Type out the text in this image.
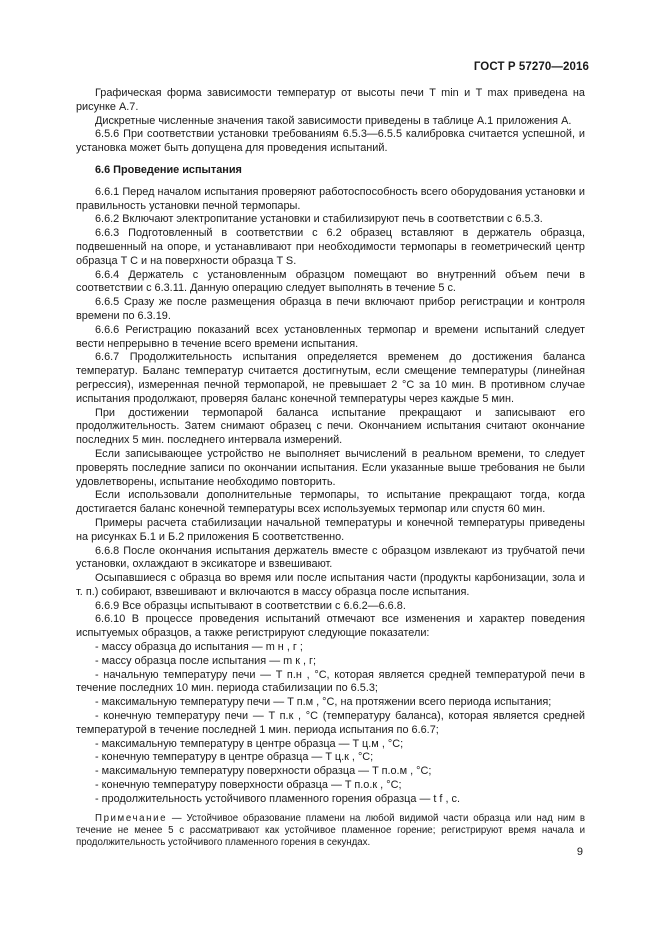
ГОСТ Р 57270—2016

Графическая форма зависимости температур от высоты печи T min и T max приведена на рисунке А.7.

Дискретные численные значения такой зависимости приведены в таблице А.1 приложения А.

6.5.6 При соответствии установки требованиям 6.5.3—6.5.5 калибровка считается успешной, и установка может быть допущена для проведения испытаний.

6.6 Проведение испытания

6.6.1 Перед началом испытания проверяют работоспособность всего оборудования установки и правильность установки печной термопары.

6.6.2 Включают электропитание установки и стабилизируют печь в соответствии с 6.5.3.

6.6.3 Подготовленный в соответствии с 6.2 образец вставляют в держатель образца, подвешенный на опоре, и устанавливают при необходимости термопары в геометрический центр образца T C и на поверхности образца T S.

6.6.4 Держатель с установленным образцом помещают во внутренний объем печи в соответствии с 6.3.11. Данную операцию следует выполнять в течение 5 с.

6.6.5 Сразу же после размещения образца в печи включают прибор регистрации и контроля времени по 6.3.19.

6.6.6 Регистрацию показаний всех установленных термопар и времени испытаний следует вести непрерывно в течение всего времени испытания.

6.6.7 Продолжительность испытания определяется временем до достижения баланса температур. Баланс температур считается достигнутым, если смещение температуры (линейная регрессия), измеренная печной термопарой, не превышает 2 °С за 10 мин. В противном случае испытания продолжают, проверяя баланс конечной температуры через каждые 5 мин.

При достижении термопарой баланса испытание прекращают и записывают его продолжительность. Затем снимают образец с печи. Окончанием испытания считают окончание последних 5 мин. последнего интервала измерений.

Если записывающее устройство не выполняет вычислений в реальном времени, то следует проверять последние записи по окончании испытания. Если указанные выше требования не были удовлетворены, испытание необходимо повторить.

Если использовали дополнительные термопары, то испытание прекращают тогда, когда достигается баланс конечной температуры всех используемых термопар или спустя 60 мин.

Примеры расчета стабилизации начальной температуры и конечной температуры приведены на рисунках Б.1 и Б.2 приложения Б соответственно.

6.6.8 После окончания испытания держатель вместе с образцом извлекают из трубчатой печи установки, охлаждают в эксикаторе и взвешивают.

Осыпавшиеся с образца во время или после испытания части (продукты карбонизации, зола и т. п.) собирают, взвешивают и включаются в массу образца после испытания.

6.6.9 Все образцы испытывают в соответствии с 6.6.2—6.6.8.

6.6.10 В процессе проведения испытаний отмечают все изменения и характер поведения испытуемых образцов, а также регистрируют следующие показатели:

- массу образца до испытания — m н , г ;

- массу образца после испытания — m к , г;

- начальную температуру печи — T п.н , °С, которая является средней температурой печи в течение последних 10 мин. периода стабилизации по 6.5.3;

- максимальную температуру печи — T п.м , °С, на протяжении всего периода испытания;

- конечную температуру печи — T п.к , °С (температуру баланса), которая является средней температурой в течение последней 1 мин. периода испытания по 6.6.7;

- максимальную температуру в центре образца — T ц.м , °С;

- конечную температуру в центре образца — T ц.к , °С;

- максимальную температуру поверхности образца — T п.о.м , °С;

- конечную температуру поверхности образца — T п.о.к , °С;

- продолжительность устойчивого пламенного горения образца — t f , с.

Примечание — Устойчивое образование пламени на любой видимой части образца или над ним в течение не менее 5 с рассматривают как устойчивое пламенное горение; регистрируют время начала и продолжительность устойчивого пламенного горения в секундах.
9
